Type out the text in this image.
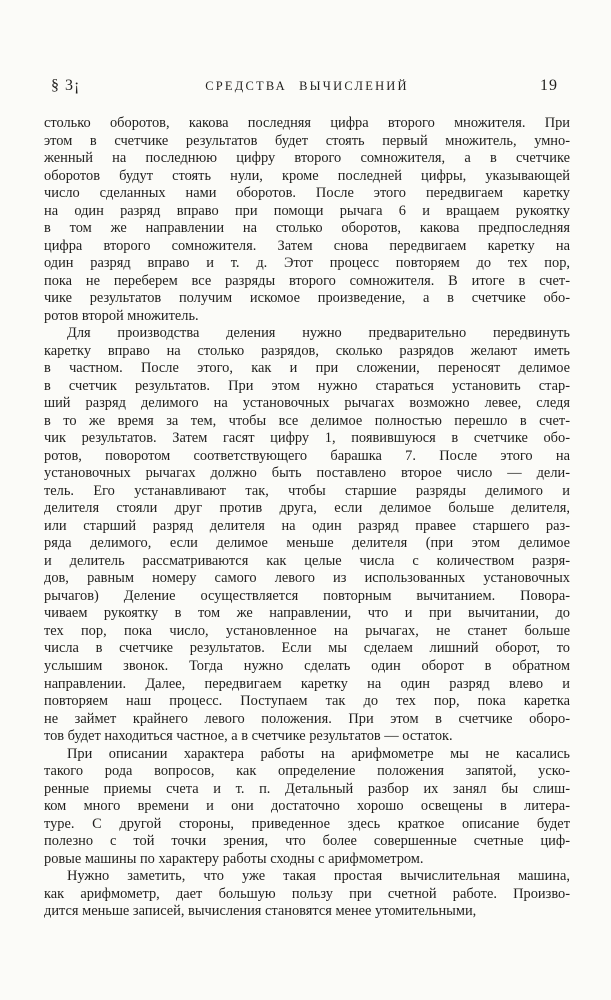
§ 3¡	СРЕДСТВА ВЫЧИСЛЕНИЙ	19
столько оборотов, какова последняя цифра второго множителя. При
этом в счетчике результатов будет стоять первый множитель, умно-
женный на последнюю цифру второго сомножителя, а в счетчике
оборотов будут стоять нули, кроме последней цифры, указывающей
число сделанных нами оборотов. После этого передвигаем каретку
на один разряд вправо при помощи рычага 6 и вращаем рукоятку
в том же направлении на столько оборотов, какова предпоследняя
цифра второго сомножителя. Затем снова передвигаем каретку на
один разряд вправо и т. д. Этот процесс повторяем до тех пор,
пока не переберем все разряды второго сомножителя. В итоге в счет-
чике результатов получим искомое произведение, а в счетчике обо-
ротов второй множитель.
Для производства деления нужно предварительно передвинуть
каретку вправо на столько разрядов, сколько разрядов желают иметь
в частном. После этого, как и при сложении, переносят делимое
в счетчик результатов. При этом нужно стараться установить стар-
ший разряд делимого на установочных рычагах возможно левее, следя
в то же время за тем, чтобы все делимое полностью перешло в счет-
чик результатов. Затем гасят цифру 1, появившуюся в счетчике обо-
ротов, поворотом соответствующего барашка 7. После этого на
установочных рычагах должно быть поставлено второе число — дели-
тель. Его устанавливают так, чтобы старшие разряды делимого и
делителя стояли друг против друга, если делимое больше делителя,
или старший разряд делителя на один разряд правее старшего раз-
ряда делимого, если делимое меньше делителя (при этом делимое
и делитель рассматриваются как целые числа с количеством разря-
дов, равным номеру самого левого из использованных установочных
рычагов) Деление осуществляется повторным вычитанием. Повора-
чиваем рукоятку в том же направлении, что и при вычитании, до
тех пор, пока число, установленное на рычагах, не станет больше
числа в счетчике результатов. Если мы сделаем лишний оборот, то
услышим звонок. Тогда нужно сделать один оборот в обратном
направлении. Далее, передвигаем каретку на один разряд влево и
повторяем наш процесс. Поступаем так до тех пор, пока каретка
не займет крайнего левого положения. При этом в счетчике оборо-
тов будет находиться частное, а в счетчике результатов — остаток.
При описании характера работы на арифмометре мы не касались
такого рода вопросов, как определение положения запятой, уско-
ренные приемы счета и т. п. Детальный разбор их занял бы слиш-
ком много времени и они достаточно хорошо освещены в литера-
туре. С другой стороны, приведенное здесь краткое описание будет
полезно с той точки зрения, что более совершенные счетные циф-
ровые машины по характеру работы сходны с арифмометром.
Нужно заметить, что уже такая простая вычислительная машина,
как арифмометр, дает большую пользу при счетной работе. Произво-
дится меньше записей, вычисления становятся менее утомительными,
